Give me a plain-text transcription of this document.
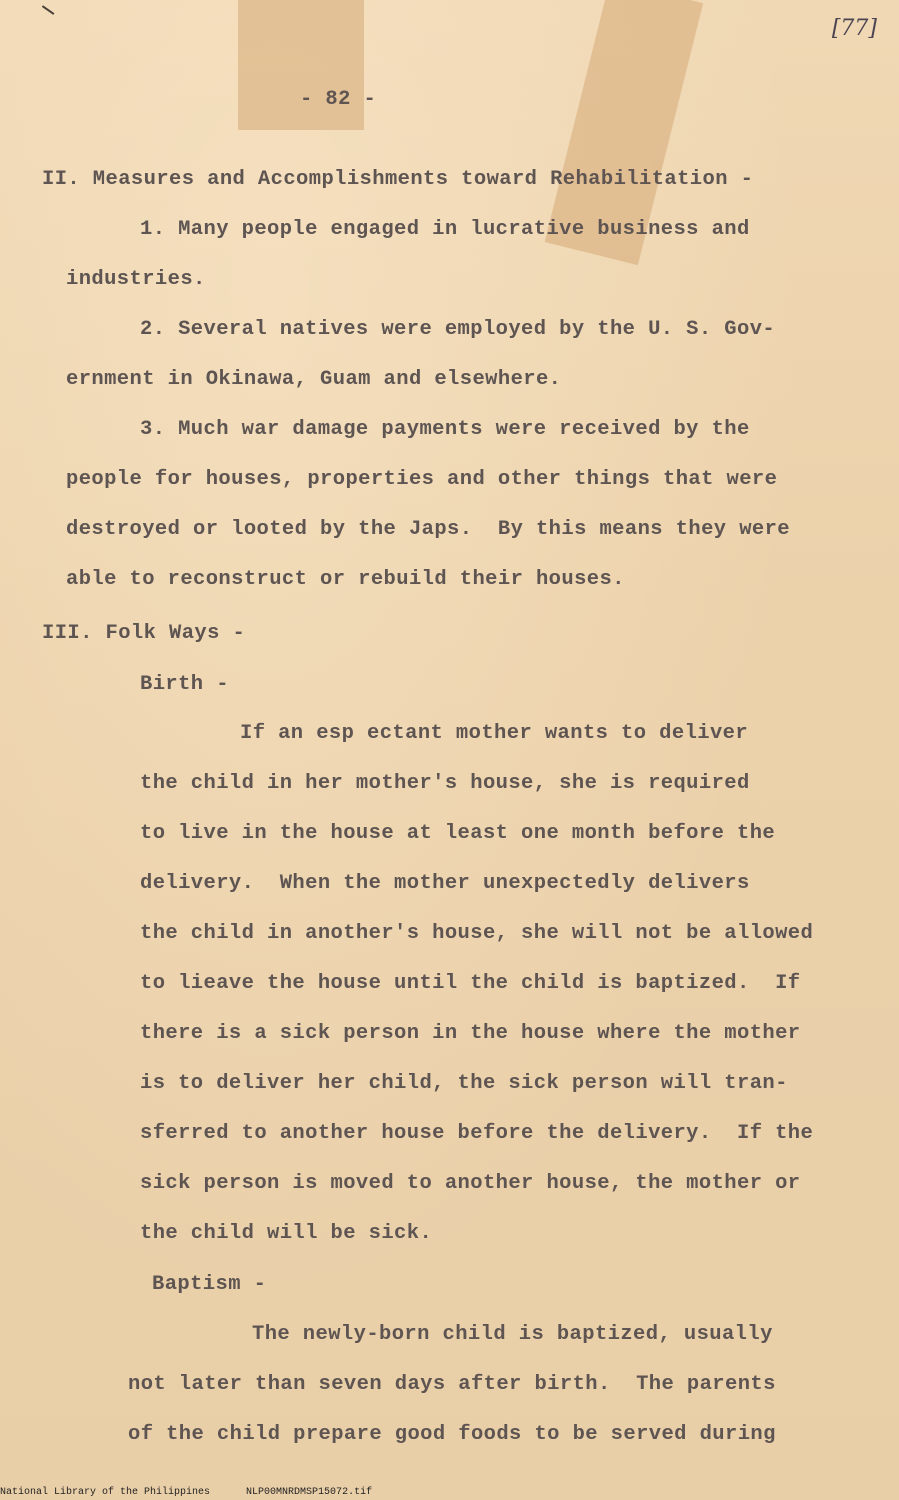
[77]
- 82 -
II. Measures and Accomplishments toward Rehabilitation -
1. Many people engaged in lucrative business and
industries.
2. Several natives were employed by the U. S. Gov-
ernment in Okinawa, Guam and elsewhere.
3. Much war damage payments were received by the
people for houses, properties and other things that were
destroyed or looted by the Japs.  By this means they were
able to reconstruct or rebuild their houses.
III. Folk Ways -
Birth -
If an esp ectant mother wants to deliver
the child in her mother's house, she is required
to live in the house at least one month before the
delivery.  When the mother unexpectedly delivers
the child in another's house, she will not be allowed
to lieave the house until the child is baptized.  If
there is a sick person in the house where the mother
is to deliver her child, the sick person will tran-
sferred to another house before the delivery.  If the
sick person is moved to another house, the mother or
the child will be sick.
Baptism -
The newly-born child is baptized, usually
not later than seven days after birth.  The parents
of the child prepare good foods to be served during
National Library of the Philippines	NLP00MNRDMSP15072.tif
